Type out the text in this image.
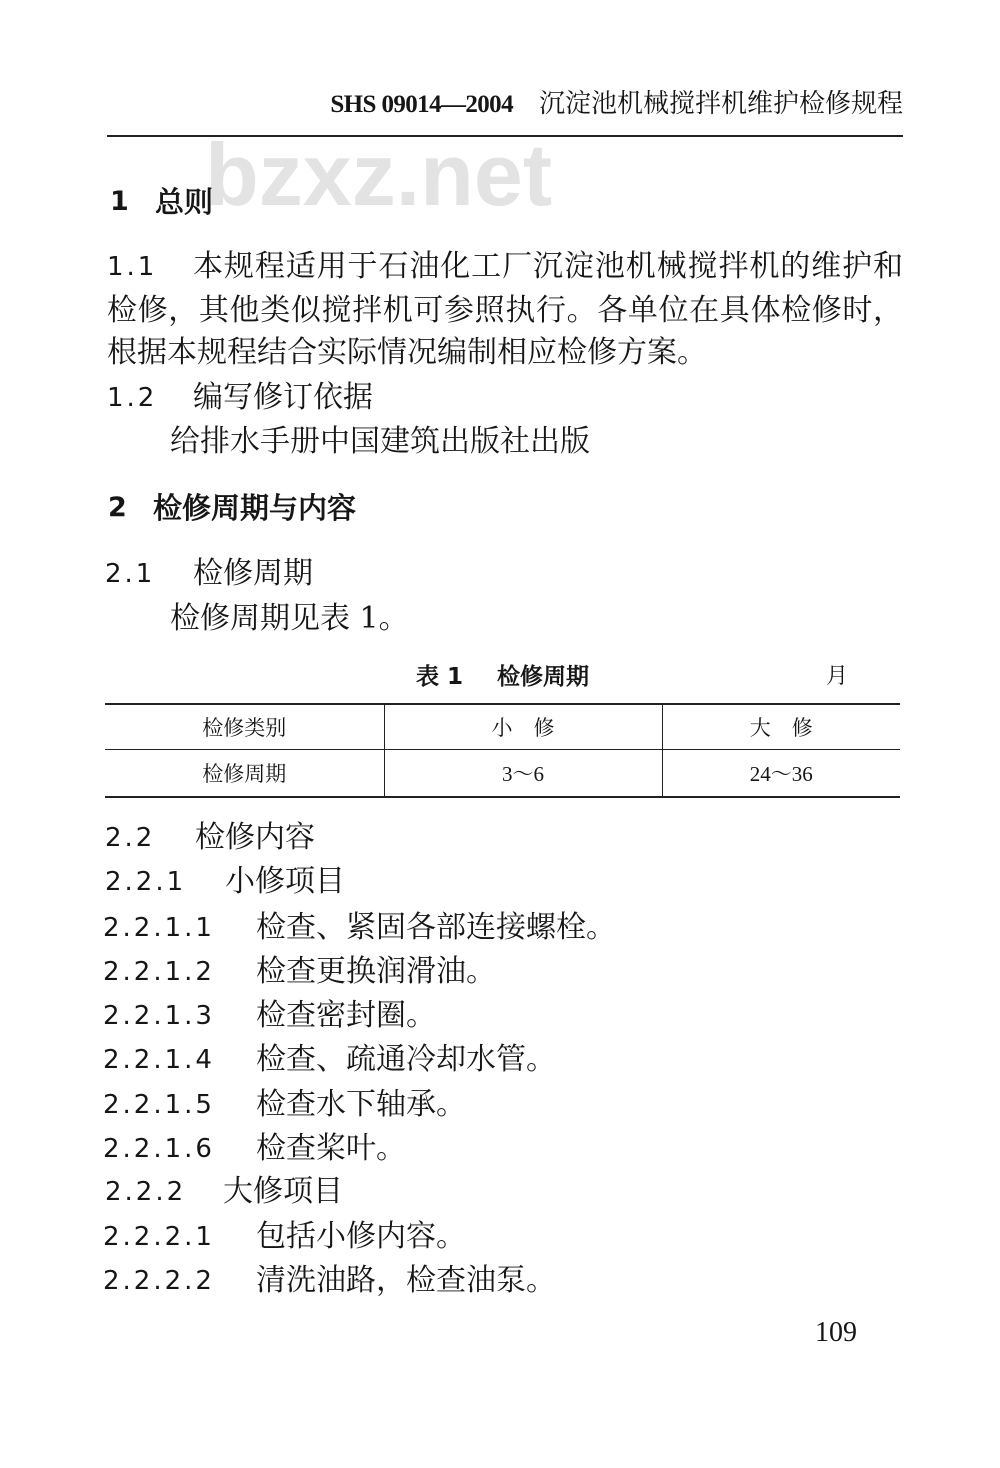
SHS 09014—2004 沉淀池机械搅拌机维护检修规程
bzxz.net
1 总则
1.1 本规程适用于石油化工厂沉淀池机械搅拌机的维护和
检修，其他类似搅拌机可参照执行。各单位在具体检修时，
根据本规程结合实际情况编制相应检修方案。
1.2 编写修订依据
给排水手册中国建筑出版社出版
2 检修周期与内容
2.1 检修周期
检修周期见表 1。
表 1 检修周期	月
检修类别	小　修	大　修
检修周期	3～6	24～36
2.2 检修内容
2.2.1 小修项目
2.2.1.1 检查、紧固各部连接螺栓。
2.2.1.2 检查更换润滑油。
2.2.1.3 检查密封圈。
2.2.1.4 检查、疏通冷却水管。
2.2.1.5 检查水下轴承。
2.2.1.6 检查桨叶。
2.2.2 大修项目
2.2.2.1 包括小修内容。
2.2.2.2 清洗油路，检查油泵。
109
